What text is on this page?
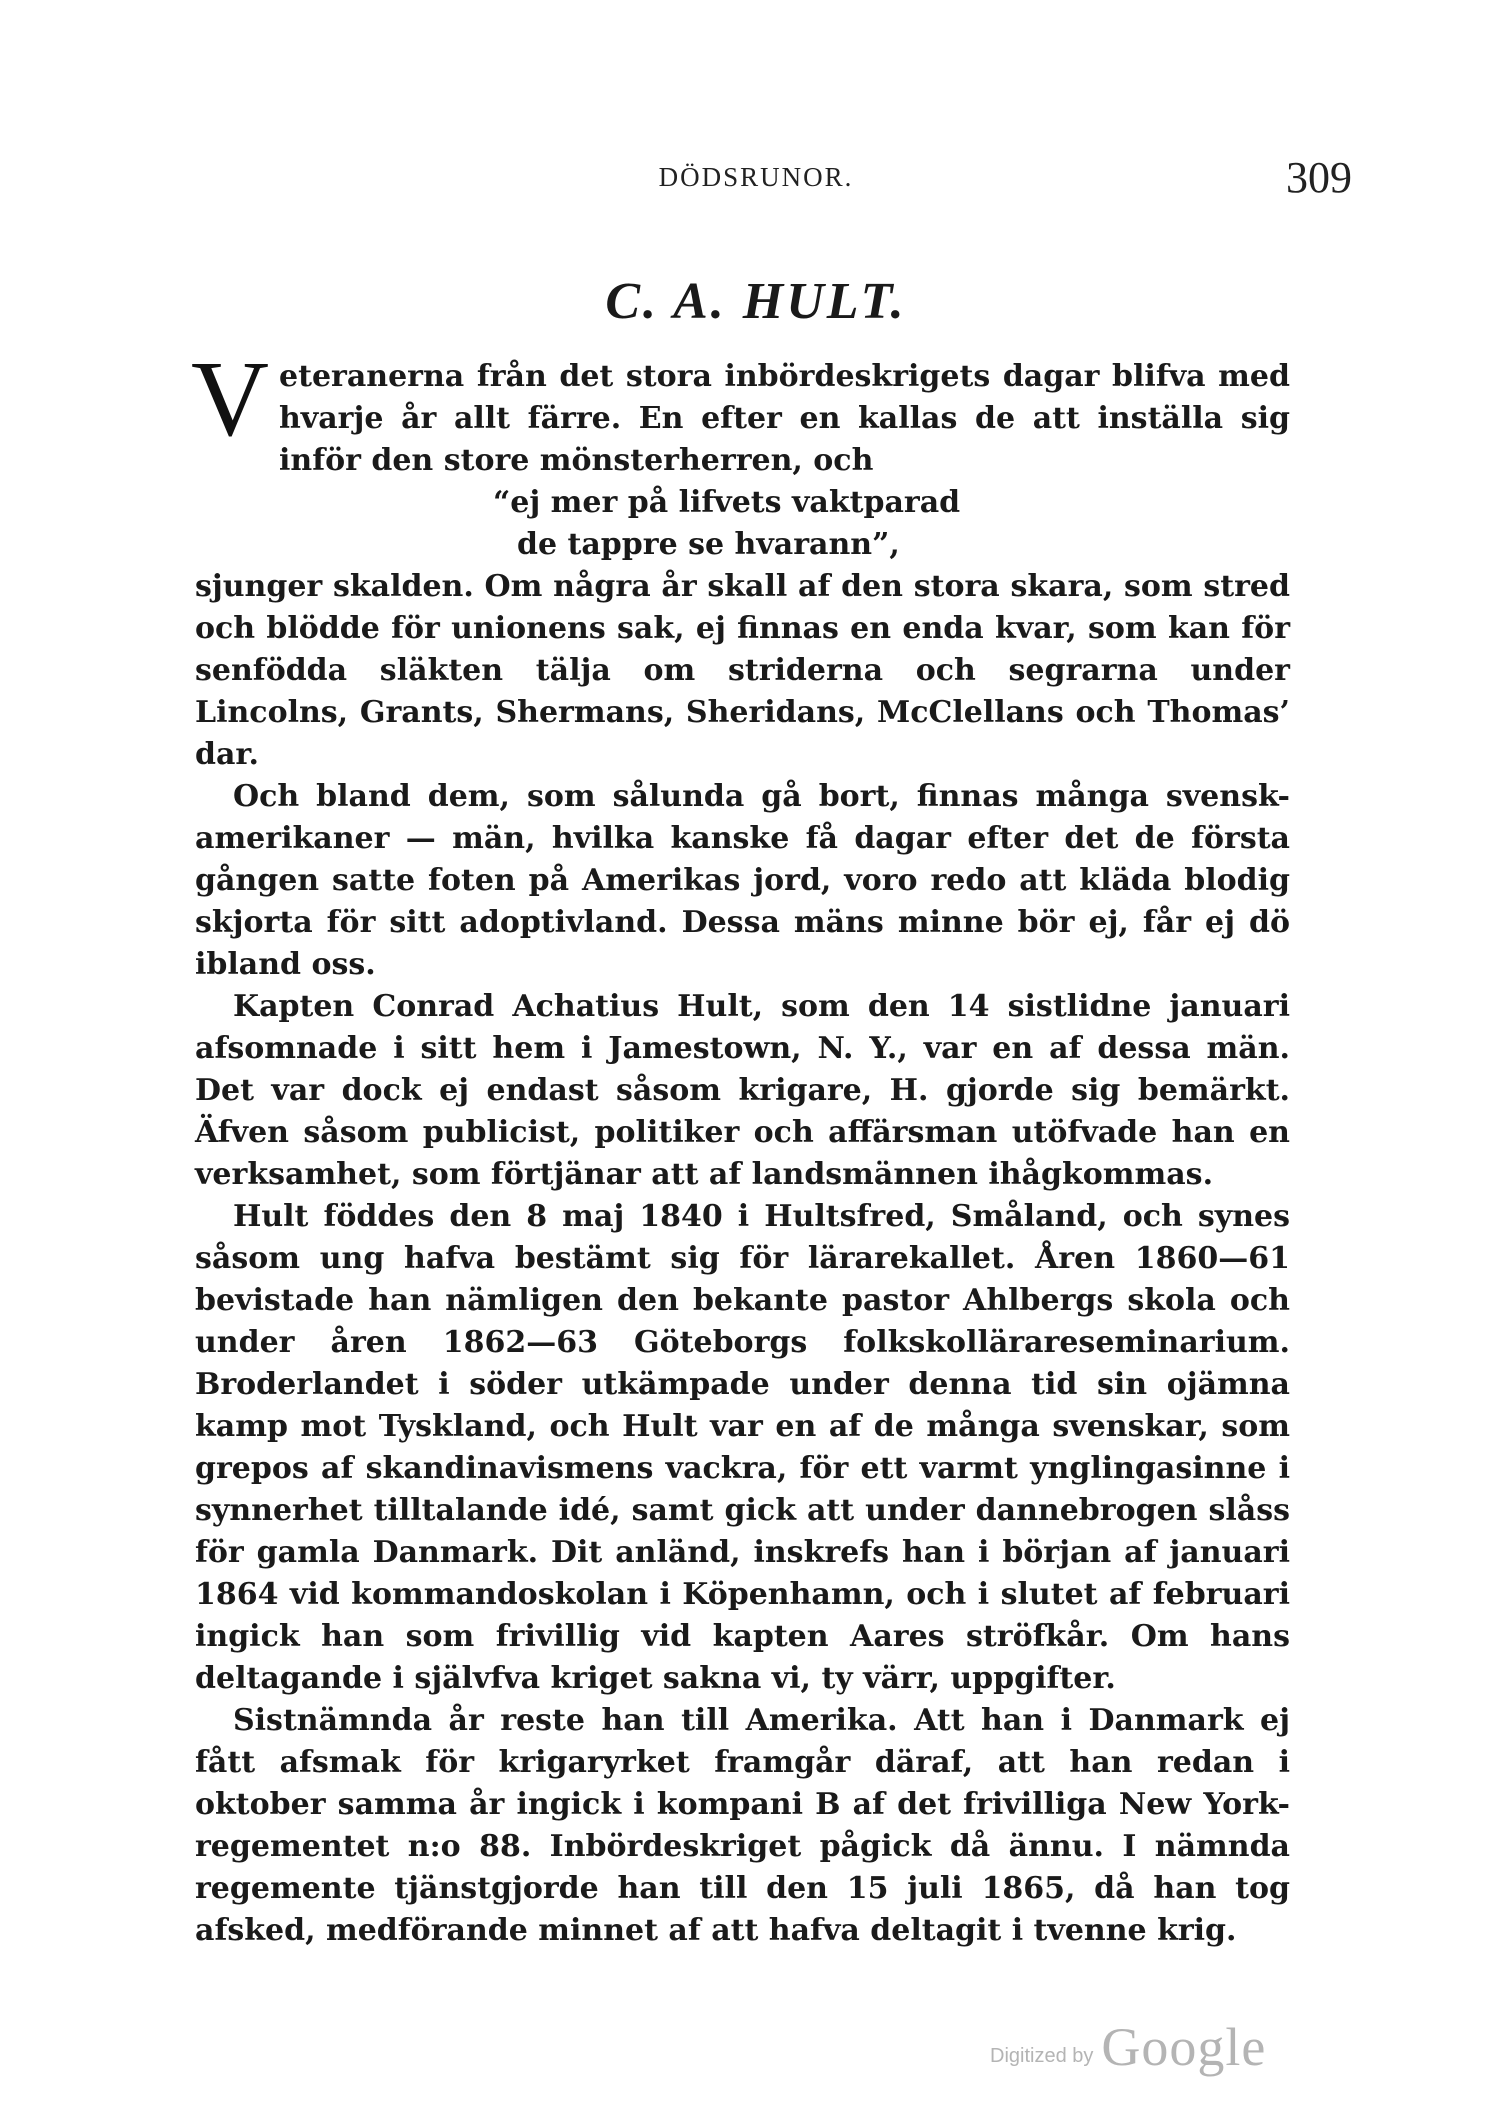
DÖDSRUNOR.	309
C. A. HULT.

Veteranerna från det stora inbördeskrigets dagar blifva med hvarje år allt färre. En efter en kallas de att inställa sig inför den store mönsterherren, och

“ej mer på lifvets vaktparad
de tappre se hvarann”,

sjunger skalden. Om några år skall af den stora skara, som stred och blödde för unionens sak, ej finnas en enda kvar, som kan för senfödda släkten tälja om striderna och segrarna under Lincolns, Grants, Shermans, Sheridans, McClellans och Thomas’ dar.

Och bland dem, som sålunda gå bort, finnas många svensk-amerikaner — män, hvilka kanske få dagar efter det de första gången satte foten på Amerikas jord, voro redo att kläda blodig skjorta för sitt adoptivland. Dessa mäns minne bör ej, får ej dö ibland oss.

Kapten Conrad Achatius Hult, som den 14 sistlidne januari afsomnade i sitt hem i Jamestown, N. Y., var en af dessa män. Det var dock ej endast såsom krigare, H. gjorde sig bemärkt. Äfven såsom publicist, politiker och affärsman utöfvade han en verksamhet, som förtjänar att af landsmännen ihågkommas.

Hult föddes den 8 maj 1840 i Hultsfred, Småland, och synes såsom ung hafva bestämt sig för lärarekallet. Åren 1860—61 bevistade han nämligen den bekante pastor Ahlbergs skola och under åren 1862—63 Göteborgs folkskollärareseminarium. Broderlandet i söder utkämpade under denna tid sin ojämna kamp mot Tyskland, och Hult var en af de många svenskar, som grepos af skandinavismens vackra, för ett varmt ynglingasinne i synnerhet tilltalande idé, samt gick att under dannebrogen slåss för gamla Danmark. Dit anländ, inskrefs han i början af januari 1864 vid kommandoskolan i Köpenhamn, och i slutet af februari ingick han som frivillig vid kapten Aares ströfkår. Om hans deltagande i självfva kriget sakna vi, ty värr, uppgifter.

Sistnämnda år reste han till Amerika. Att han i Danmark ej fått afsmak för krigaryrket framgår däraf, att han redan i oktober samma år ingick i kompani B af det frivilliga New York-regementet n:o 88. Inbördeskriget pågick då ännu. I nämnda regemente tjänstgjorde han till den 15 juli 1865, då han tog afsked, medförande minnet af att hafva deltagit i tvenne krig.

Digitized by Google
